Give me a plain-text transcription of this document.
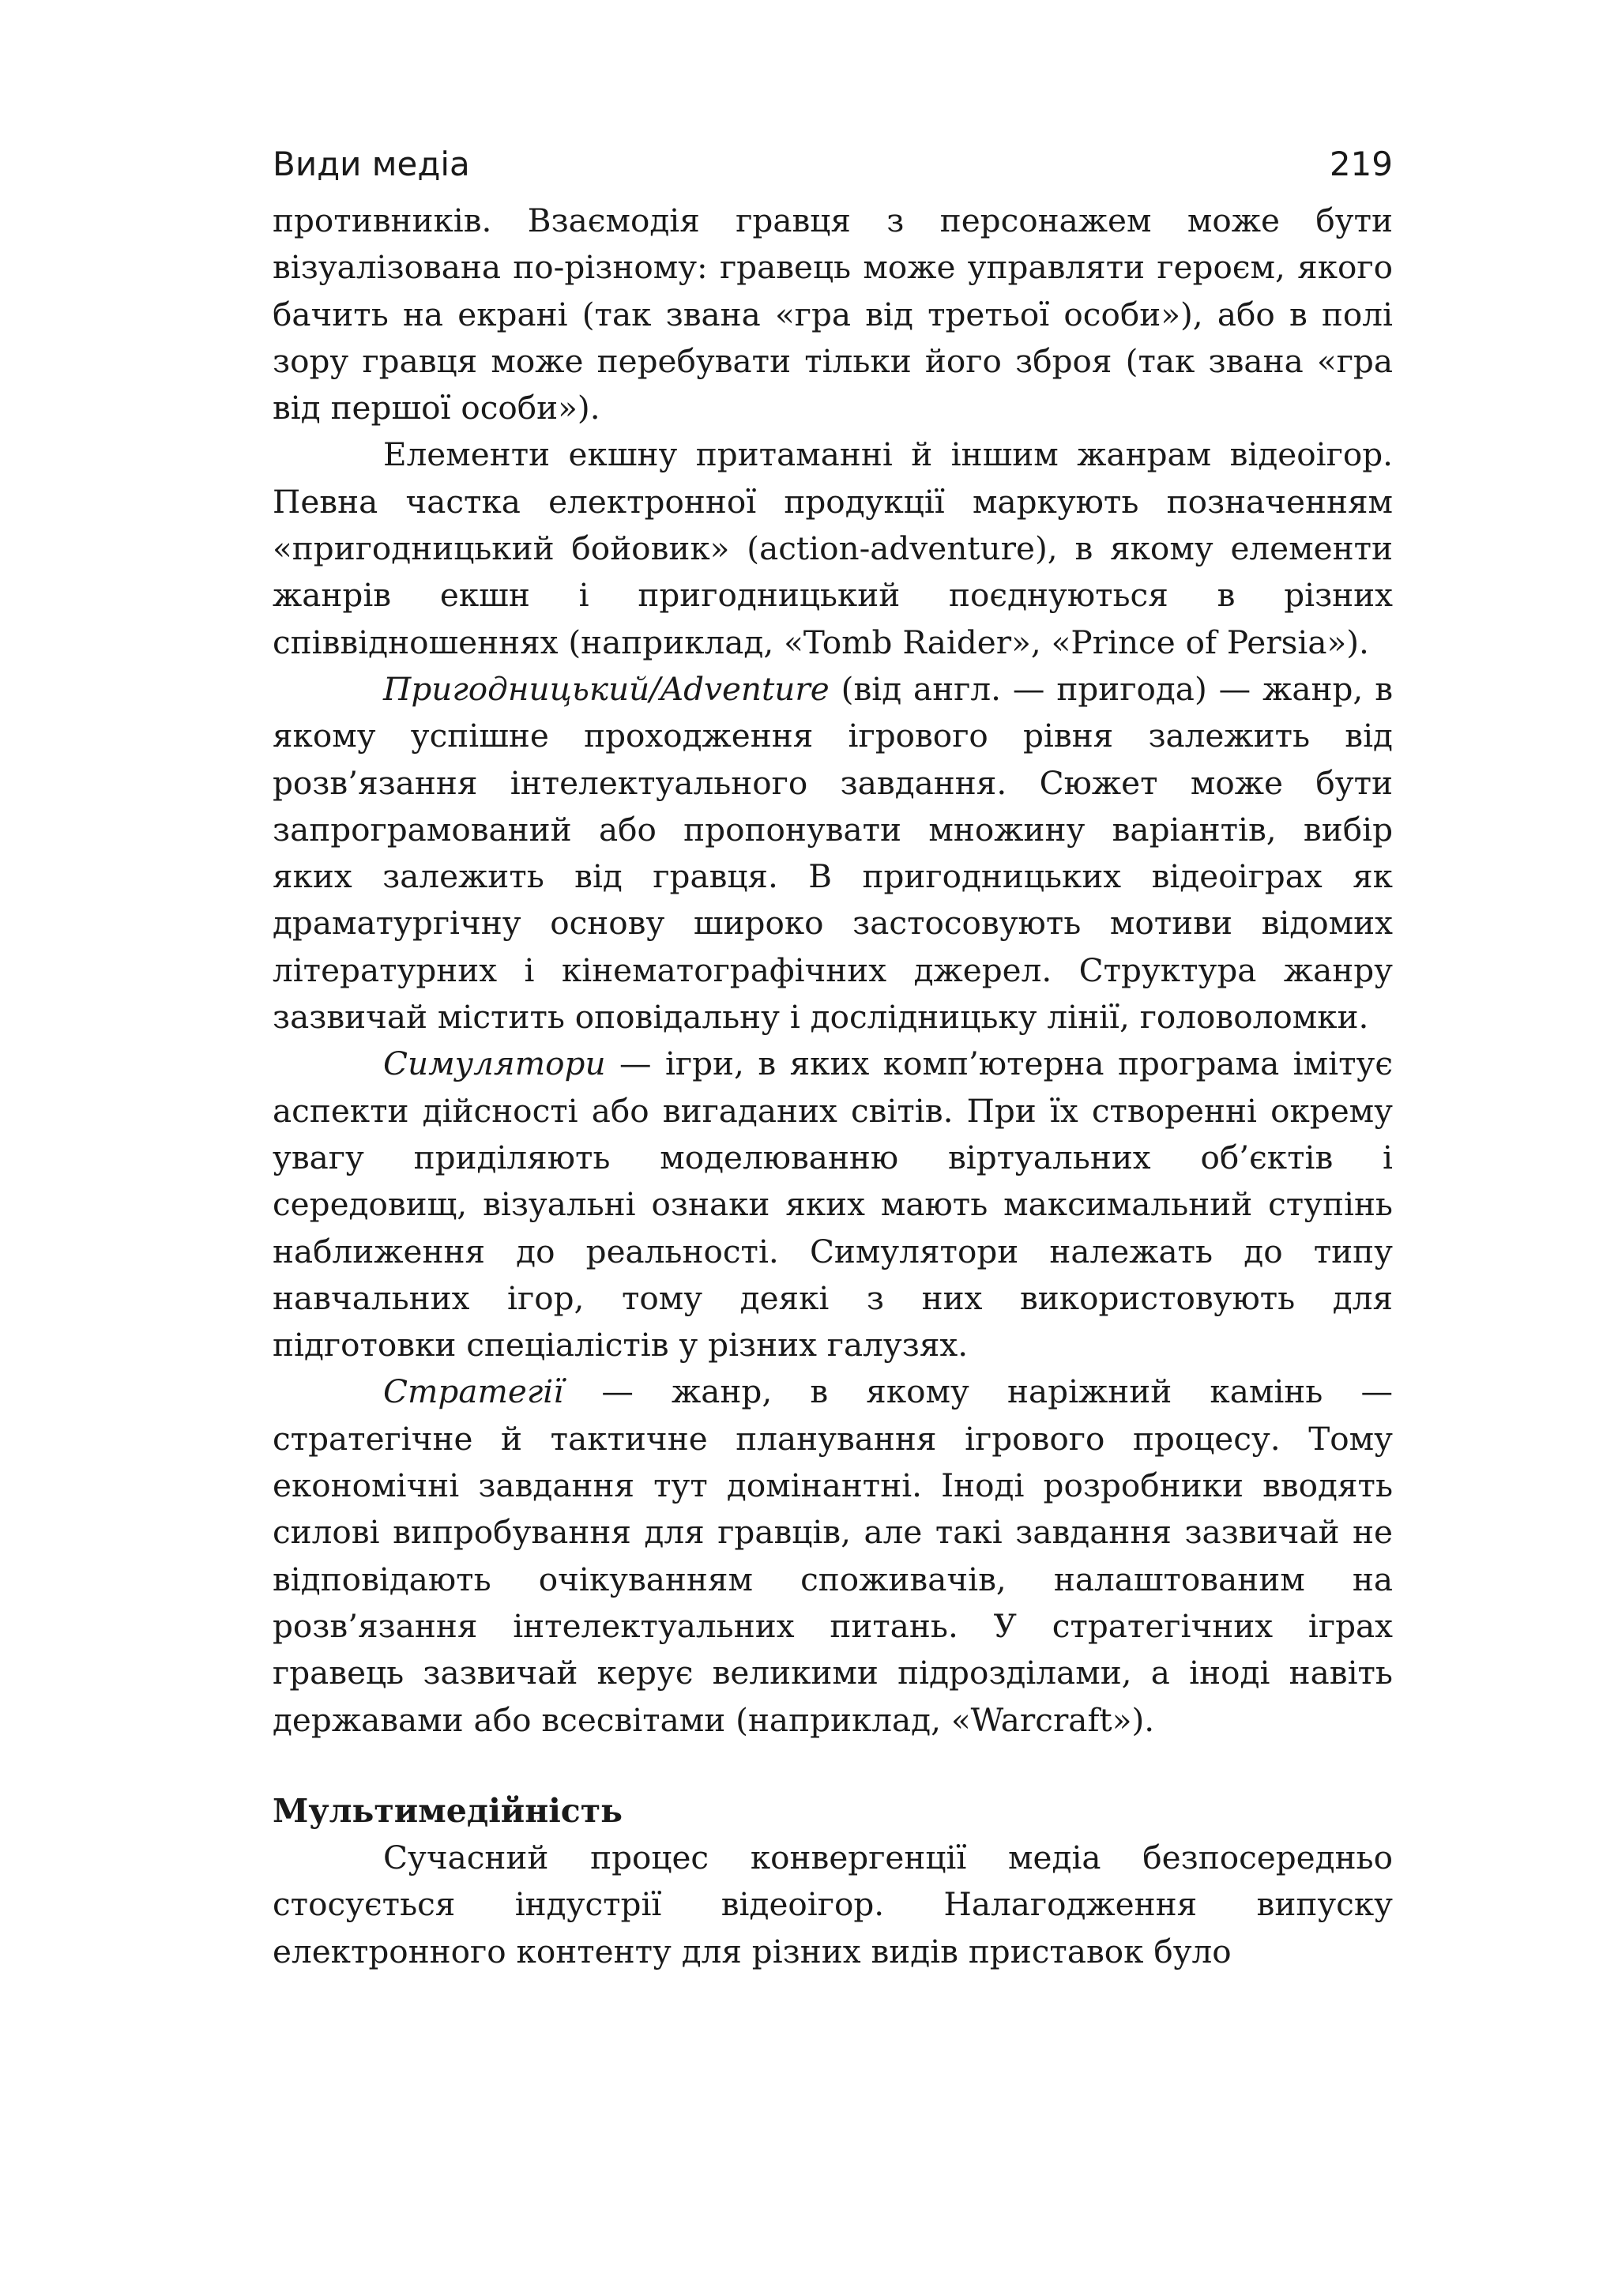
Види медіа	219

противників. Взаємодія гравця з персонажем може бути візуалізована по-різному: гравець може управляти героєм, якого бачить на екрані (так звана «гра від третьої особи»), або в полі зору гравця може перебувати тільки його зброя (так звана «гра від першої особи»).

Елементи екшну притаманні й іншим жанрам відеоігор. Певна частка електронної продукції маркують позначенням «пригодницький бойовик» (action-adventure), в якому елементи жанрів екшн і пригодницький поєднуються в різних співвідношеннях (наприклад, «Tomb Raider», «Prince of Persia»).

Пригодницький/Adventure (від англ. — пригода) — жанр, в якому успішне проходження ігрового рівня залежить від розв’язання інтелектуального завдання. Сюжет може бути запрограмований або пропонувати множину варіантів, вибір яких залежить від гравця. В пригодницьких відеоіграх як драматургічну основу широко застосовують мотиви відомих літературних і кінематографічних джерел. Структура жанру зазвичай містить оповідальну і дослідницьку лінії, головоломки.

Симулятори — ігри, в яких комп’ютерна програма імітує аспекти дійсності або вигаданих світів. При їх створенні окрему увагу приділяють моделюванню віртуальних об’єктів і середовищ, візуальні ознаки яких мають максимальний ступінь наближення до реальності. Симулятори належать до типу навчальних ігор, тому деякі з них використовують для підготовки спеціалістів у різних галузях.

Стратегії — жанр, в якому наріжний камінь — стратегічне й тактичне планування ігрового процесу. Тому економічні завдання тут домінантні. Іноді розробники вводять силові випробування для гравців, але такі завдання зазвичай не відповідають очікуванням споживачів, налаштованим на розв’язання інтелектуальних питань. У стратегічних іграх гравець зазвичай керує великими підрозділами, а іноді навіть державами або всесвітами (наприклад, «Warcraft»).

Мультимедійність

Сучасний процес конвергенції медіа безпосередньо стосується індустрії відеоігор. Налагодження випуску електронного контенту для різних видів приставок було
